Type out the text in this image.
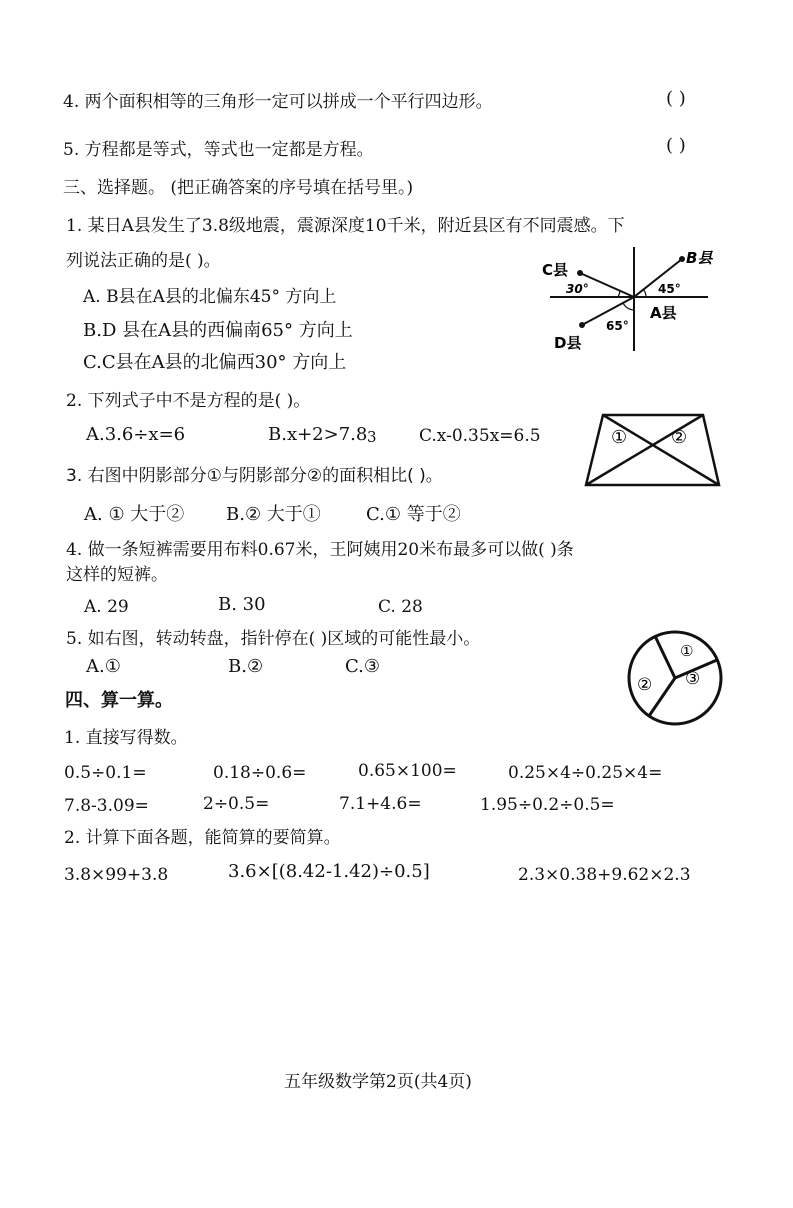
4. 两个面积相等的三角形一定可以拼成一个平行四边形。	( )
5. 方程都是等式，等式也一定都是方程。	( )
三、选择题。 (把正确答案的序号填在括号里。)
1. 某日A县发生了3.8级地震，震源深度10千米，附近县区有不同震感。下
列说法正确的是( )。
A. B县在A县的北偏东45° 方向上
B.D 县在A县的西偏南65° 方向上
C.C县在A县的北偏西30° 方向上
C县
B县
A县
D县
30°	45°
65°
2. 下列式子中不是方程的是( )。
A.3.6÷x=6	B.x+2>7.8 3 C.x-0.35x=6.5	① ②
3. 右图中阴影部分①与阴影部分②的面积相比( )。
A. ① 大于② B.② 大于①	C.① 等于②
4. 做一条短裤需要用布料0.67米，王阿姨用20米布最多可以做( )条
这样的短裤。
A. 29	B. 30	C. 28
5. 如右图，转动转盘，指针停在( )区域的可能性最小。
A.①	B.②	C.③
①
② ③
四、算一算。
1. 直接写得数。
0.5÷0.1=	0.18÷0.6=	0.65×100=	0.25×4÷0.25×4=
7.8-3.09=	2÷0.5=	7.1+4.6=	1.95÷0.2÷0.5=
2. 计算下面各题，能简算的要简算。
3.8×99+3.8	3.6×[(8.42-1.42)÷0.5]	2.3×0.38+9.62×2.3
五年级数学第2页(共4页)
